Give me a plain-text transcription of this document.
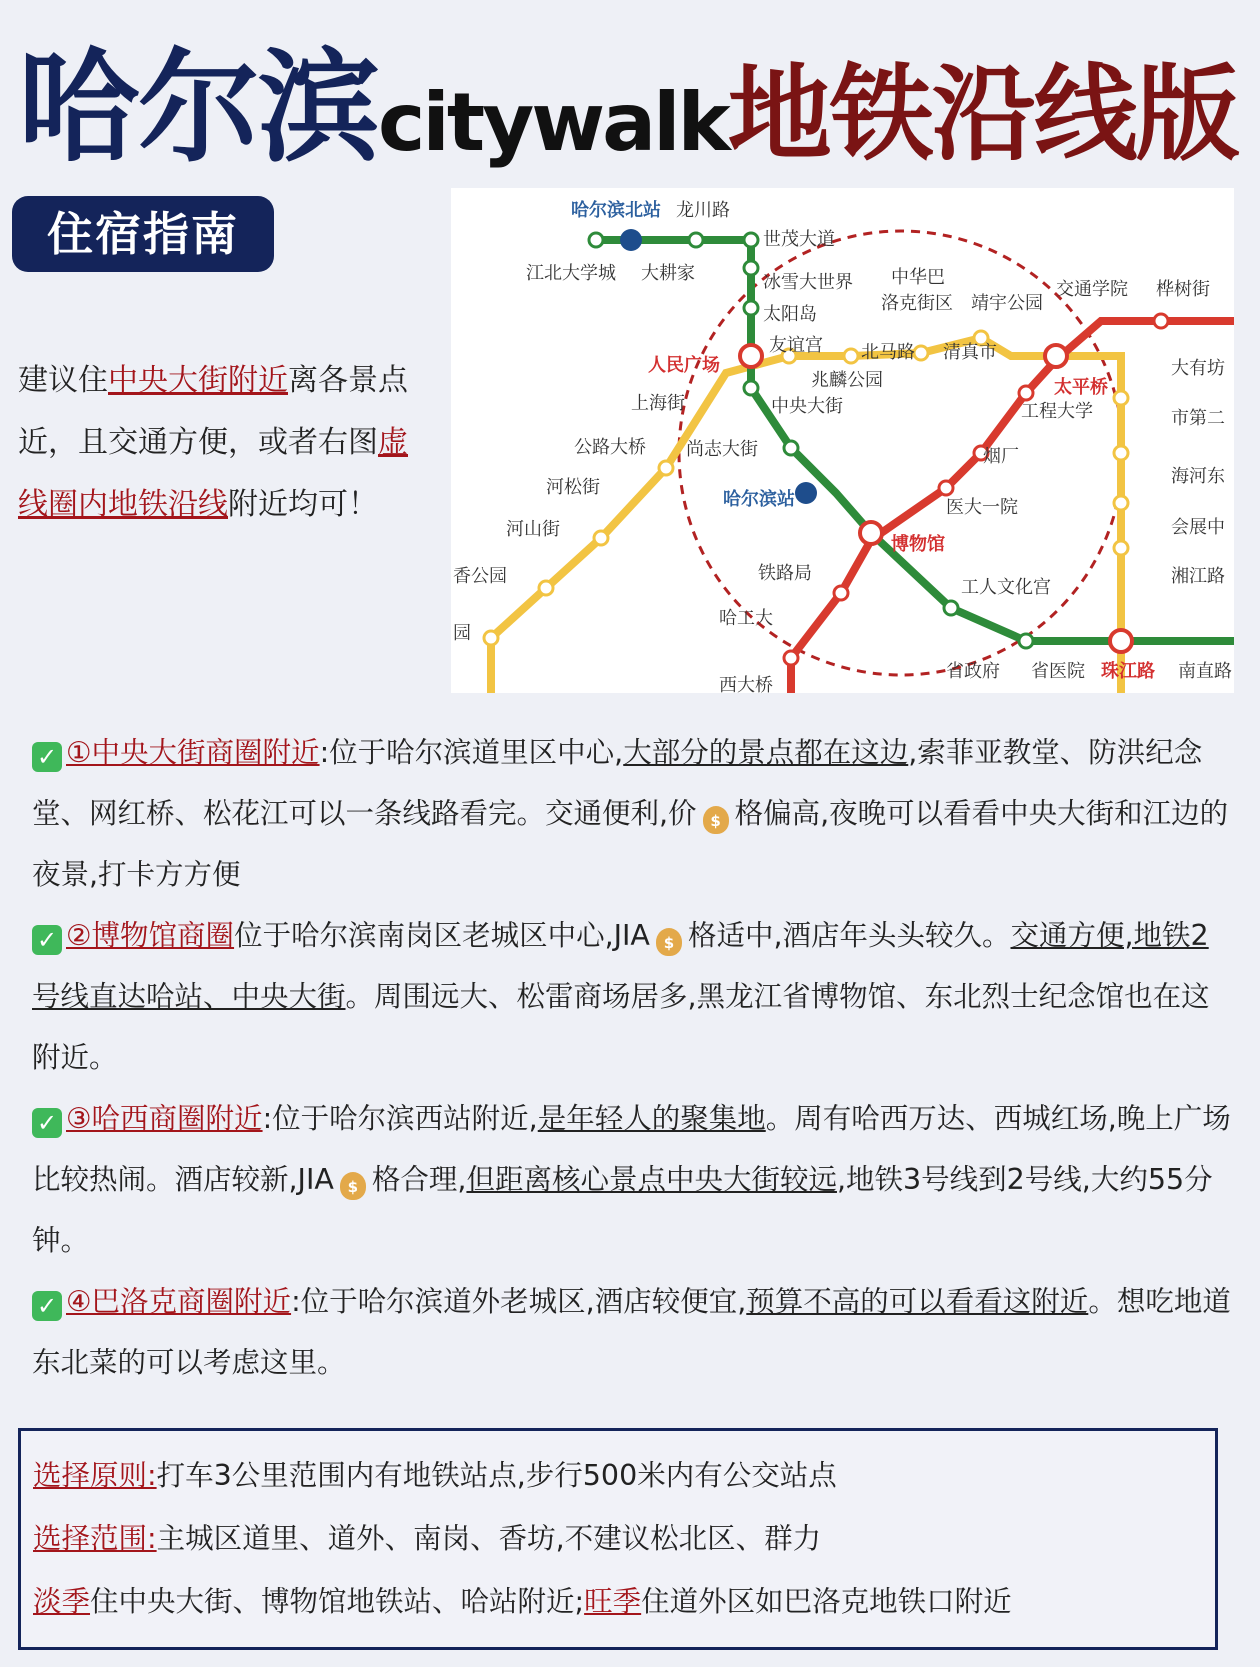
哈尔滨citywalk地铁沿线版
住宿指南
建议住中央大街附近离各景点近，且交通方便，或者右图虚线圈内地铁沿线附近均可！
哈尔滨北站 龙川路
世茂大道
江北大学城 大耕家	冰雪大世界
太阳岛
中华巴
洛克街区 靖宇公园
交通学院 桦树街
人民广场
友谊宫 北马路 清真市
兆麟公园
上海街	中央大街
太平桥
大有坊
工程大学	市第二
公路大桥 尚志大街	烟厂
海河东
河松街
哈尔滨站	医大一院
会展中
河山街
博物馆
湘江路
香公园	铁路局
工人文化宫
园
哈工大
省政府 省医院 珠江路 南直路
西大桥

✓ ①中央大街商圈附近:位于哈尔滨道里区中心,大部分的景点都在这边,索菲亚教堂、防洪纪念堂、网红桥、松花江可以一条线路看完。交通便利,价 $ 格偏高,夜晚可以看看中央大街和江边的夜景,打卡方方便

✓ ②博物馆商圈位于哈尔滨南岗区老城区中心,JIA $ 格适中,酒店年头头较久。交通方便,地铁2号线直达哈站、中央大街。周围远大、松雷商场居多,黑龙江省博物馆、东北烈士纪念馆也在这附近。

✓ ③哈西商圈附近:位于哈尔滨西站附近,是年轻人的聚集地。周有哈西万达、西城红场,晚上广场比较热闹。酒店较新,JIA $ 格合理,但距离核心景点中央大街较远,地铁3号线到2号线,大约55分钟。

✓ ④巴洛克商圈附近:位于哈尔滨道外老城区,酒店较便宜,预算不高的可以看看这附近。想吃地道东北菜的可以考虑这里。

选择原则:打车3公里范围内有地铁站点,步行500米内有公交站点
选择范围:主城区道里、道外、南岗、香坊,不建议松北区、群力
淡季住中央大街、博物馆地铁站、哈站附近;旺季住道外区如巴洛克地铁口附近
